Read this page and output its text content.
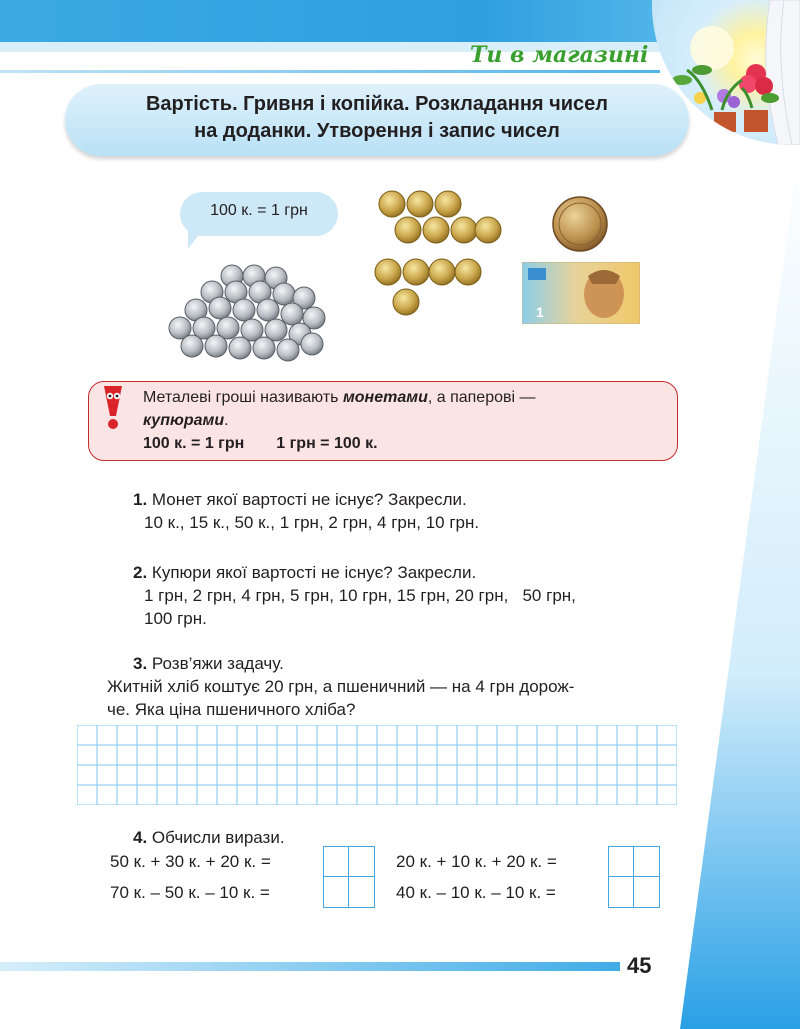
Ти в магазині
Вартість. Гривня і копійка. Розкладання чисел
на доданки. Утворення і запис чисел
100 к. = 1 грн
1
Металеві гроші називають монетами, а паперові —
купюрами.
100 к. = 1 грн 1 грн = 100 к.
1. Монет якої вартості не існує? Закресли.
10 к., 15 к., 50 к., 1 грн, 2 грн, 4 грн, 10 грн.
2. Купюри якої вартості не існує? Закресли.
1 грн, 2 грн, 4 грн, 5 грн, 10 грн, 15 грн, 20 грн,   50 грн,
100 грн.
3. Розв’яжи задачу.
Житній хліб коштує 20 грн, а пшеничний — на 4 грн дорож-
че. Яка ціна пшеничного хліба?
4. Обчисли вирази.
50 к. + 30 к. + 20 к. =	20 к. + 10 к. + 20 к. =
70 к. – 50 к. – 10 к. =	40 к. – 10 к. – 10 к. =
45
